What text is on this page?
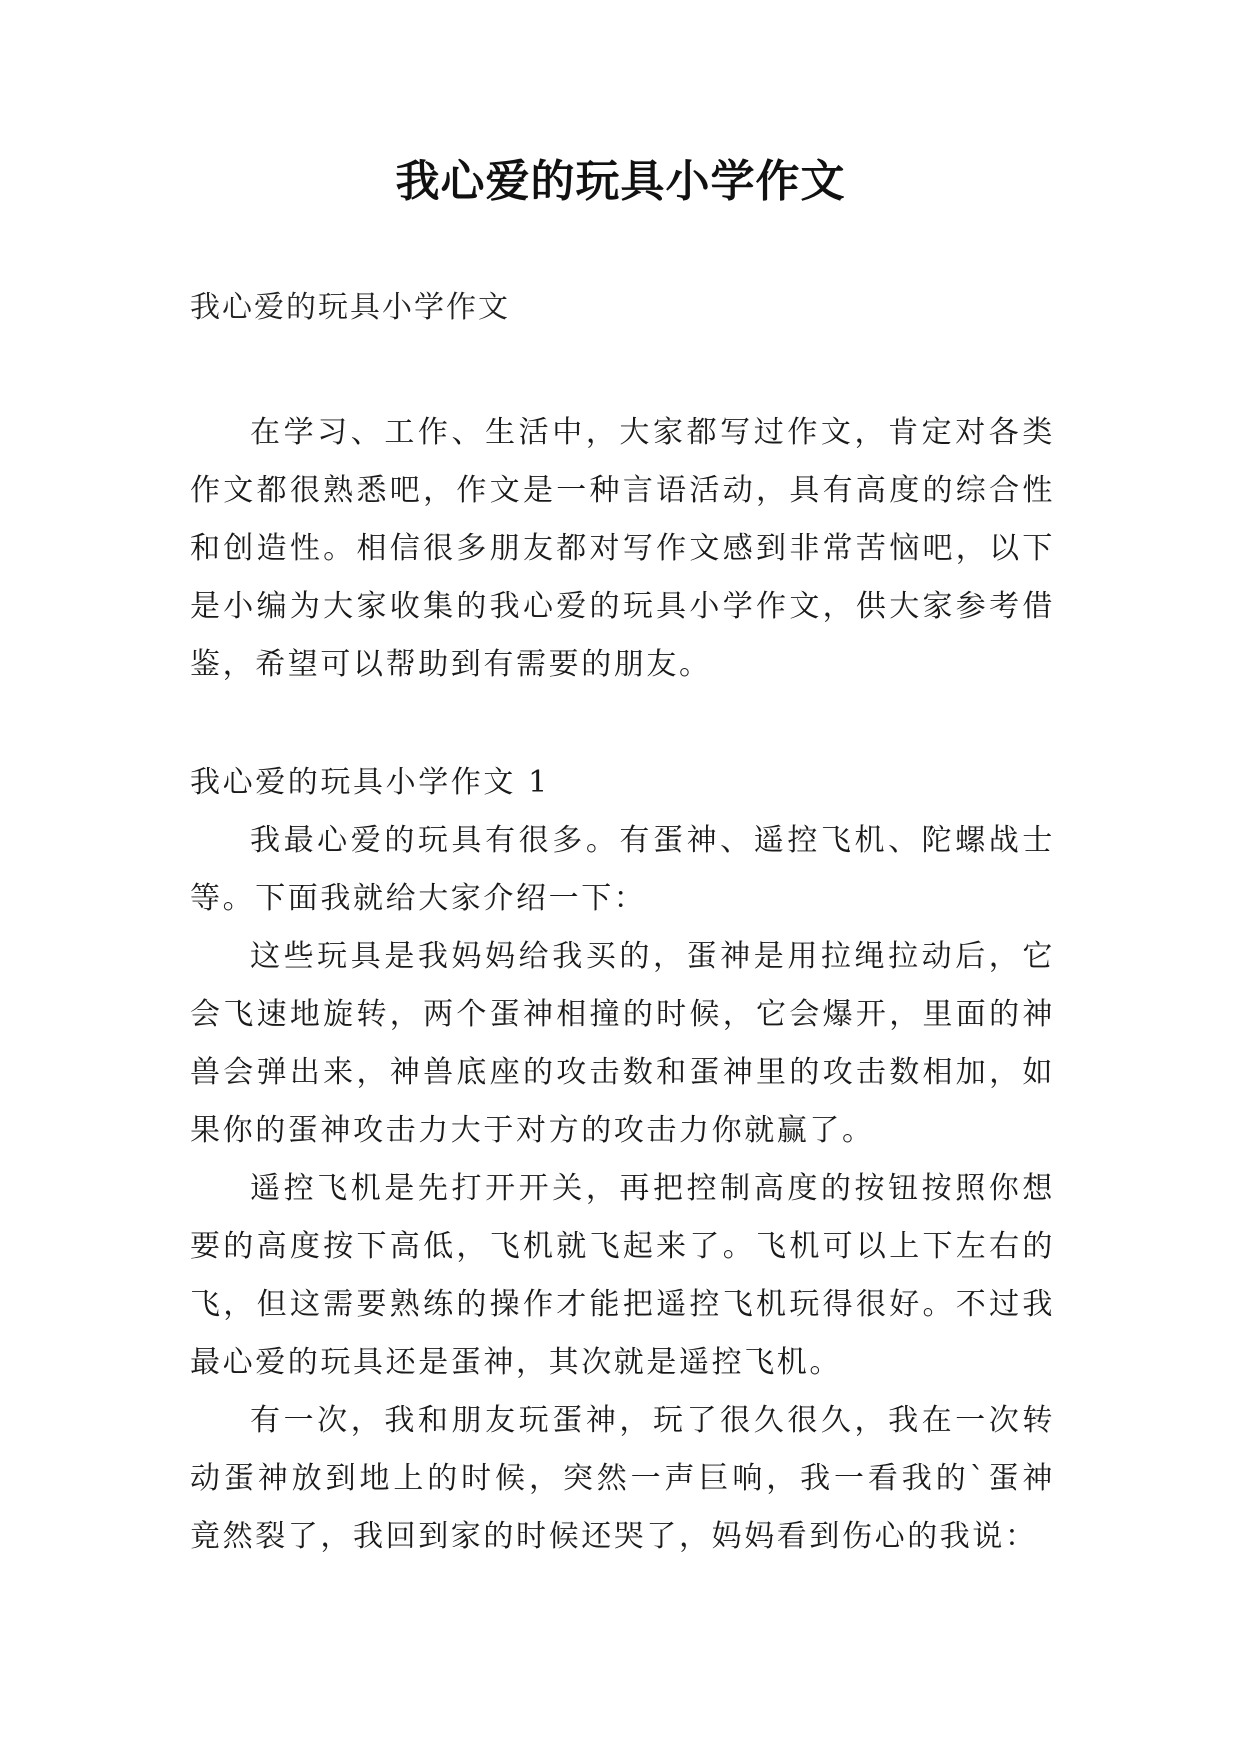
我心爱的玩具小学作文
我心爱的玩具小学作文

在学习、工作、生活中，大家都写过作文，肯定对各类作文都很熟悉吧，作文是一种言语活动，具有高度的综合性和创造性。相信很多朋友都对写作文感到非常苦恼吧，以下是小编为大家收集的我心爱的玩具小学作文，供大家参考借鉴，希望可以帮助到有需要的朋友。

我心爱的玩具小学作文 1

我最心爱的玩具有很多。有蛋神、遥控飞机、陀螺战士等。下面我就给大家介绍一下：

这些玩具是我妈妈给我买的，蛋神是用拉绳拉动后，它会飞速地旋转，两个蛋神相撞的时候，它会爆开，里面的神兽会弹出来，神兽底座的攻击数和蛋神里的攻击数相加，如果你的蛋神攻击力大于对方的攻击力你就赢了。

遥控飞机是先打开开关，再把控制高度的按钮按照你想要的高度按下高低，飞机就飞起来了。飞机可以上下左右的飞，但这需要熟练的操作才能把遥控飞机玩得很好。不过我最心爱的玩具还是蛋神，其次就是遥控飞机。

有一次，我和朋友玩蛋神，玩了很久很久，我在一次转动蛋神放到地上的时候，突然一声巨响，我一看我的`蛋神竟然裂了，我回到家的时候还哭了，妈妈看到伤心的我说：
